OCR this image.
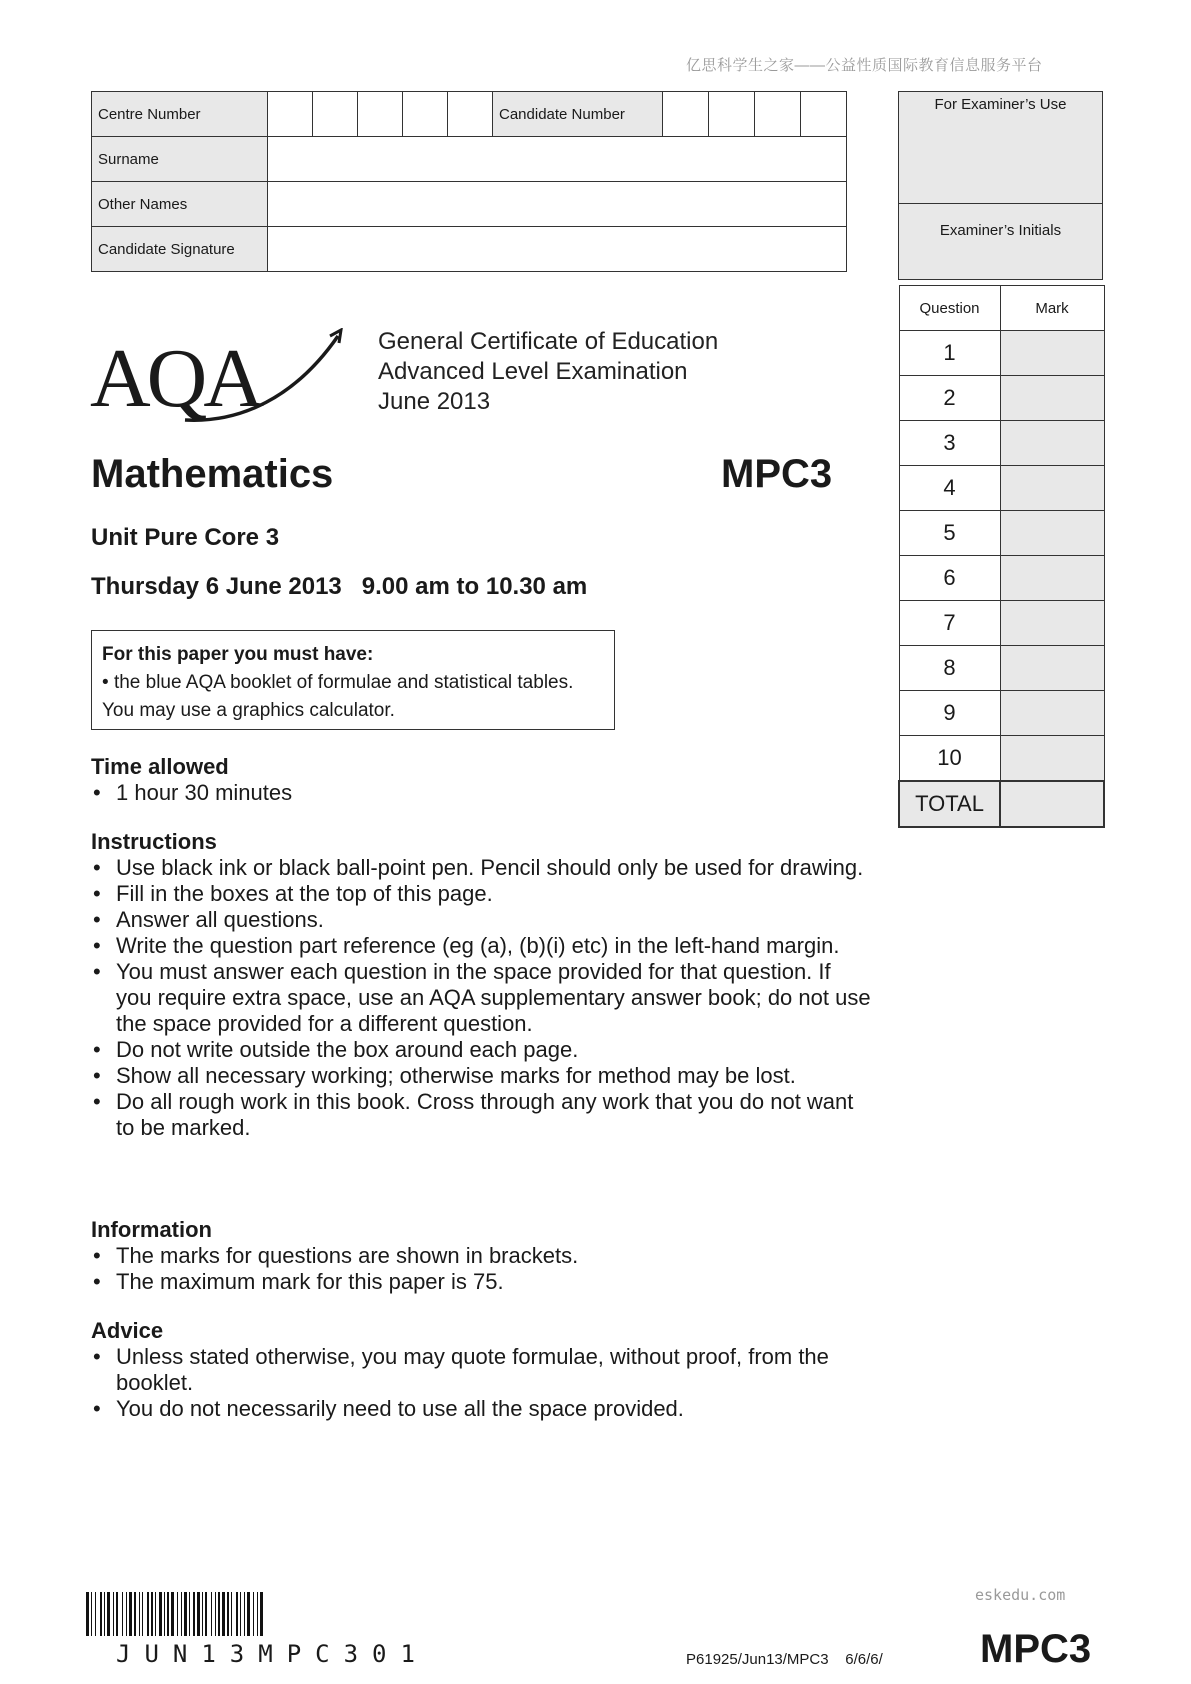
亿思科学生之家——公益性质国际教育信息服务平台
Centre Number						Candidate Number				
Surname										
Other Names										
Candidate Signature										
For Examiner’s Use
Examiner’s Initials
Question	Mark
1	
2	
3	
4	
5	
6	
7	
8	
9	
10	
TOTAL	
AQA	General Certificate of Education
Advanced Level Examination
June 2013
Mathematics	MPC3
Unit Pure Core 3
Thursday 6 June 2013   9.00 am to 10.30 am
For this paper you must have:
• the blue AQA booklet of formulae and statistical tables.
You may use a graphics calculator.
Time allowed
• 1 hour 30 minutes
Instructions
• Use black ink or black ball-point pen. Pencil should only be used for drawing.
• Fill in the boxes at the top of this page.
• Answer all questions.
• Write the question part reference (eg (a), (b)(i) etc) in the left-hand margin.
• You must answer each question in the space provided for that question. If you require extra space, use an AQA supplementary answer book; do not use the space provided for a different question.
• Do not write outside the box around each page.
• Show all necessary working; otherwise marks for method may be lost.
• Do all rough work in this book. Cross through any work that you do not want to be marked.
Information
• The marks for questions are shown in brackets.
• The maximum mark for this paper is 75.
Advice
• Unless stated otherwise, you may quote formulae, without proof, from the booklet.
• You do not necessarily need to use all the space provided.
eskedu.com
JUN13MPC301	P61925/Jun13/MPC3    6/6/6/ MPC3
